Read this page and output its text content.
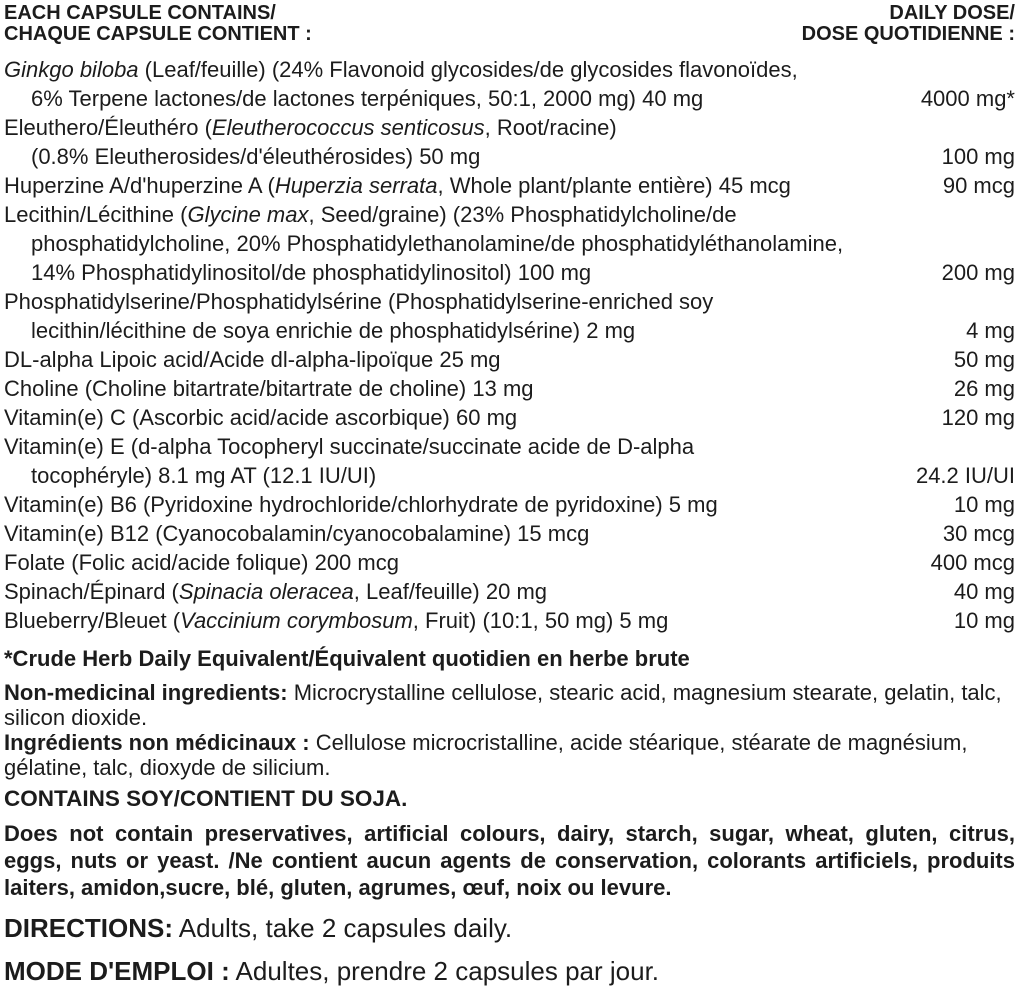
EACH CAPSULE CONTAINS/
CHAQUE CAPSULE CONTIENT :
DAILY DOSE/
DOSE QUOTIDIENNE :
Ginkgo biloba (Leaf/feuille) (24% Flavonoid glycosides/de glycosides flavonoïdes,
6% Terpene lactones/de lactones terpéniques, 50:1, 2000 mg) 40 mg	4000 mg*
Eleuthero/Éleuthéro (Eleutherococcus senticosus, Root/racine)
(0.8% Eleutherosides/d'éleuthérosides) 50 mg	100 mg
Huperzine A/d'huperzine A (Huperzia serrata, Whole plant/plante entière) 45 mcg	90 mcg
Lecithin/Lécithine (Glycine max, Seed/graine) (23% Phosphatidylcholine/de
phosphatidylcholine, 20% Phosphatidylethanolamine/de phosphatidyléthanolamine,
14% Phosphatidylinositol/de phosphatidylinositol) 100 mg	200 mg
Phosphatidylserine/Phosphatidylsérine (Phosphatidylserine-enriched soy
lecithin/lécithine de soya enrichie de phosphatidylsérine) 2 mg	4 mg
DL-alpha Lipoic acid/Acide dl-alpha-lipoïque 25 mg	50 mg
Choline (Choline bitartrate/bitartrate de choline) 13 mg	26 mg
Vitamin(e) C (Ascorbic acid/acide ascorbique) 60 mg	120 mg
Vitamin(e) E (d-alpha Tocopheryl succinate/succinate acide de D-alpha
tocophéryle) 8.1 mg AT (12.1 IU/UI)	24.2 IU/UI
Vitamin(e) B6 (Pyridoxine hydrochloride/chlorhydrate de pyridoxine) 5 mg	10 mg
Vitamin(e) B12 (Cyanocobalamin/cyanocobalamine) 15 mcg	30 mcg
Folate (Folic acid/acide folique) 200 mcg	400 mcg
Spinach/Épinard (Spinacia oleracea, Leaf/feuille) 20 mg	40 mg
Blueberry/Bleuet (Vaccinium corymbosum, Fruit) (10:1, 50 mg) 5 mg	10 mg
*Crude Herb Daily Equivalent/Équivalent quotidien en herbe brute
Non-medicinal ingredients: Microcrystalline cellulose, stearic acid, magnesium stearate, gelatin, talc, silicon dioxide.
Ingrédients non médicinaux : Cellulose microcristalline, acide stéarique, stéarate de magnésium, gélatine, talc, dioxyde de silicium.
CONTAINS SOY/CONTIENT DU SOJA.
Does not contain preservatives, artificial colours, dairy, starch, sugar, wheat, gluten, citrus, eggs, nuts or yeast. /Ne contient aucun agents de conservation, colorants artificiels, produits laiters, amidon,sucre, blé, gluten, agrumes, œuf, noix ou levure.
DIRECTIONS: Adults, take 2 capsules daily.
MODE D'EMPLOI : Adultes, prendre 2 capsules par jour.
